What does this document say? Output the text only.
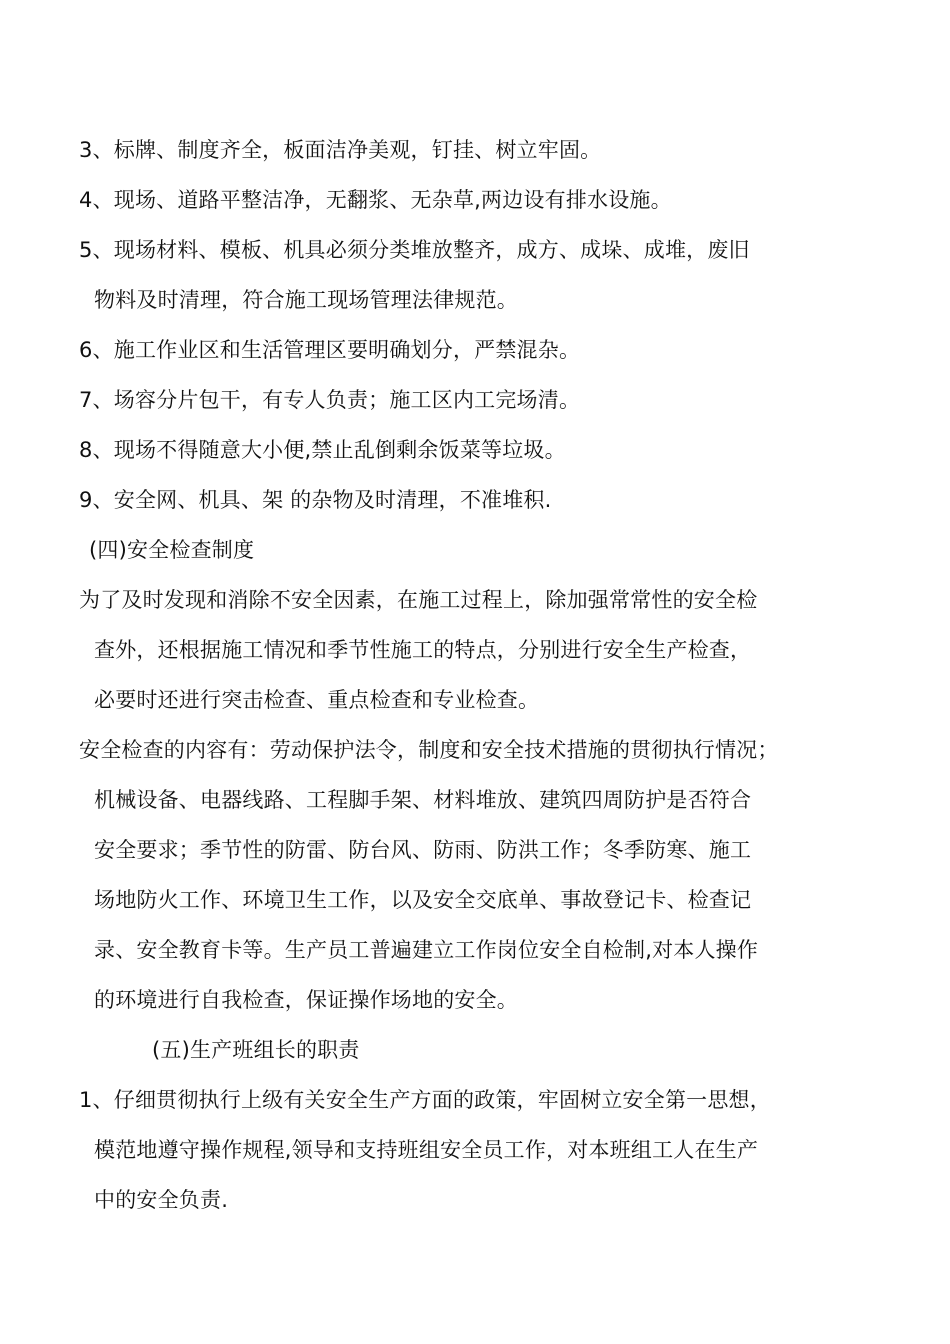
3、标牌、制度齐全，板面洁净美观，钉挂、树立牢固。
4、现场、道路平整洁净，无翻浆、无杂草,两边设有排水设施。
5、现场材料、模板、机具必须分类堆放整齐，成方、成垛、成堆，废旧
物料及时清理，符合施工现场管理法律规范。
6、施工作业区和生活管理区要明确划分，严禁混杂。
7、场容分片包干，有专人负责；施工区内工完场清。
8、现场不得随意大小便,禁止乱倒剩余饭菜等垃圾。
9、安全网、机具、架 的杂物及时清理，不准堆积.
(四)安全检查制度
为了及时发现和消除不安全因素，在施工过程上，除加强常常性的安全检
查外，还根据施工情况和季节性施工的特点，分别进行安全生产检查，
必要时还进行突击检查、重点检查和专业检查。
安全检查的内容有：劳动保护法令，制度和安全技术措施的贯彻执行情况；
机械设备、电器线路、工程脚手架、材料堆放、建筑四周防护是否符合
安全要求；季节性的防雷、防台风、防雨、防洪工作；冬季防寒、施工
场地防火工作、环境卫生工作，以及安全交底单、事故登记卡、检查记
录、安全教育卡等。生产员工普遍建立工作岗位安全自检制,对本人操作
的环境进行自我检查，保证操作场地的安全。
(五)生产班组长的职责
1、仔细贯彻执行上级有关安全生产方面的政策，牢固树立安全第一思想，
模范地遵守操作规程,领导和支持班组安全员工作，对本班组工人在生产
中的安全负责.
